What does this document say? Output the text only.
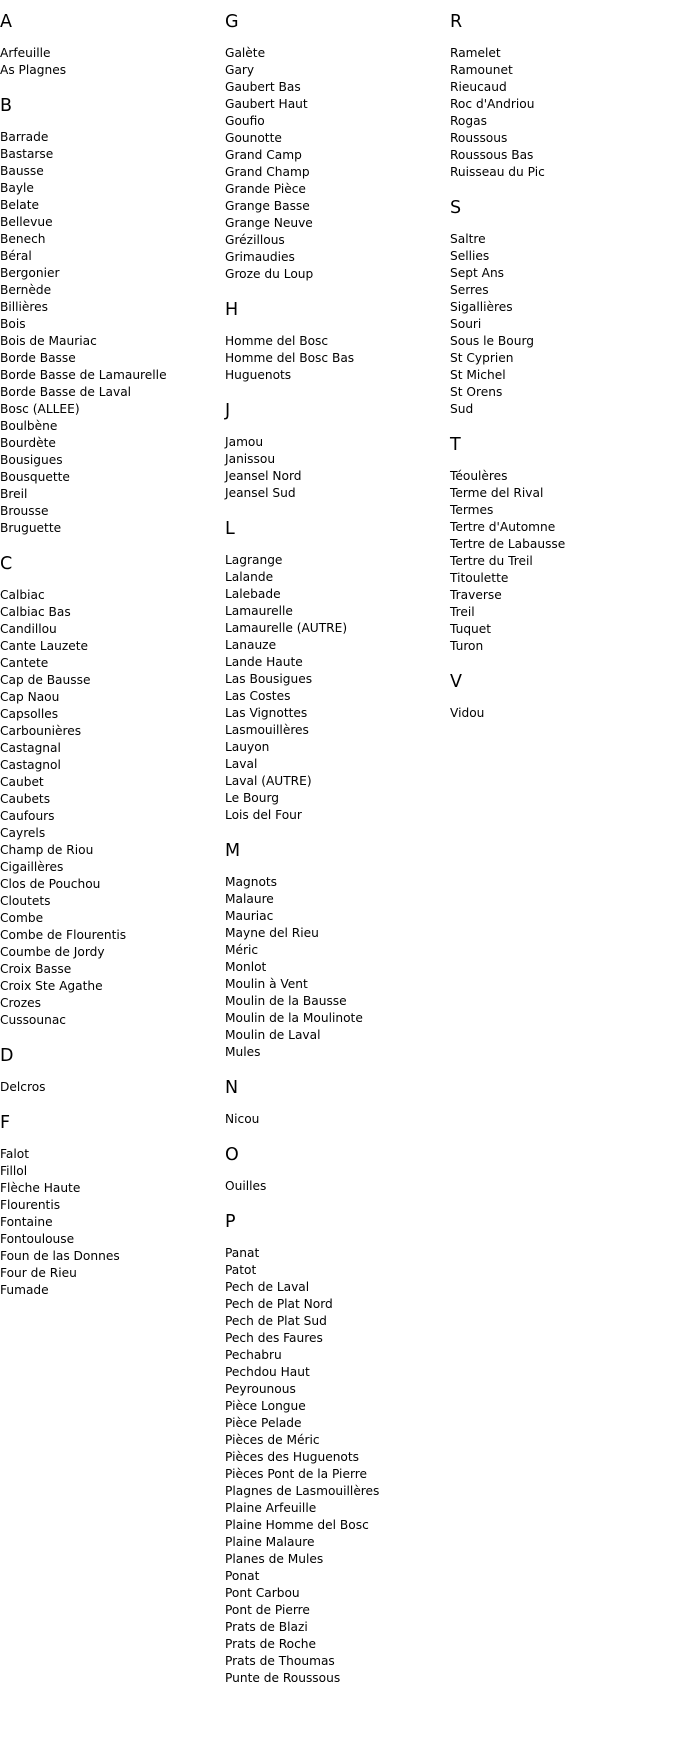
A
Arfeuille
As Plagnes
B
Barrade
Bastarse
Bausse
Bayle
Belate
Bellevue
Benech
Béral
Bergonier
Bernède
Billières
Bois
Bois de Mauriac
Borde Basse
Borde Basse de Lamaurelle
Borde Basse de Laval
Bosc (ALLEE)
Boulbène
Bourdète
Bousigues
Bousquette
Breil
Brousse
Bruguette
C
Calbiac
Calbiac Bas
Candillou
Cante Lauzete
Cantete
Cap de Bausse
Cap Naou
Capsolles
Carbounières
Castagnal
Castagnol
Caubet
Caubets
Caufours
Cayrels
Champ de Riou
Cigaillères
Clos de Pouchou
Cloutets
Combe
Combe de Flourentis
Coumbe de Jordy
Croix Basse
Croix Ste Agathe
Crozes
Cussounac
D
Delcros
F
Falot
Fillol
Flèche Haute
Flourentis
Fontaine
Fontoulouse
Foun de las Donnes
Four de Rieu
Fumade
G
Galète
Gary
Gaubert Bas
Gaubert Haut
Goufio
Gounotte
Grand Camp
Grand Champ
Grande Pièce
Grange Basse
Grange Neuve
Grézillous
Grimaudies
Groze du Loup
H
Homme del Bosc
Homme del Bosc Bas
Huguenots
J
Jamou
Janissou
Jeansel Nord
Jeansel Sud
L
Lagrange
Lalande
Lalebade
Lamaurelle
Lamaurelle (AUTRE)
Lanauze
Lande Haute
Las Bousigues
Las Costes
Las Vignottes
Lasmouillères
Lauyon
Laval
Laval (AUTRE)
Le Bourg
Lois del Four
M
Magnots
Malaure
Mauriac
Mayne del Rieu
Méric
Monlot
Moulin à Vent
Moulin de la Bausse
Moulin de la Moulinote
Moulin de Laval
Mules
N
Nicou
O
Ouilles
P
Panat
Patot
Pech de Laval
Pech de Plat Nord
Pech de Plat Sud
Pech des Faures
Pechabru
Pechdou Haut
Peyrounous
Pièce Longue
Pièce Pelade
Pièces de Méric
Pièces des Huguenots
Pièces Pont de la Pierre
Plagnes de Lasmouillères
Plaine Arfeuille
Plaine Homme del Bosc
Plaine Malaure
Planes de Mules
Ponat
Pont Carbou
Pont de Pierre
Prats de Blazi
Prats de Roche
Prats de Thoumas
Punte de Roussous
R
Ramelet
Ramounet
Rieucaud
Roc d'Andriou
Rogas
Roussous
Roussous Bas
Ruisseau du Pic
S
Saltre
Sellies
Sept Ans
Serres
Sigallières
Souri
Sous le Bourg
St Cyprien
St Michel
St Orens
Sud
T
Téoulères
Terme del Rival
Termes
Tertre d'Automne
Tertre de Labausse
Tertre du Treil
Titoulette
Traverse
Treil
Tuquet
Turon
V
Vidou
